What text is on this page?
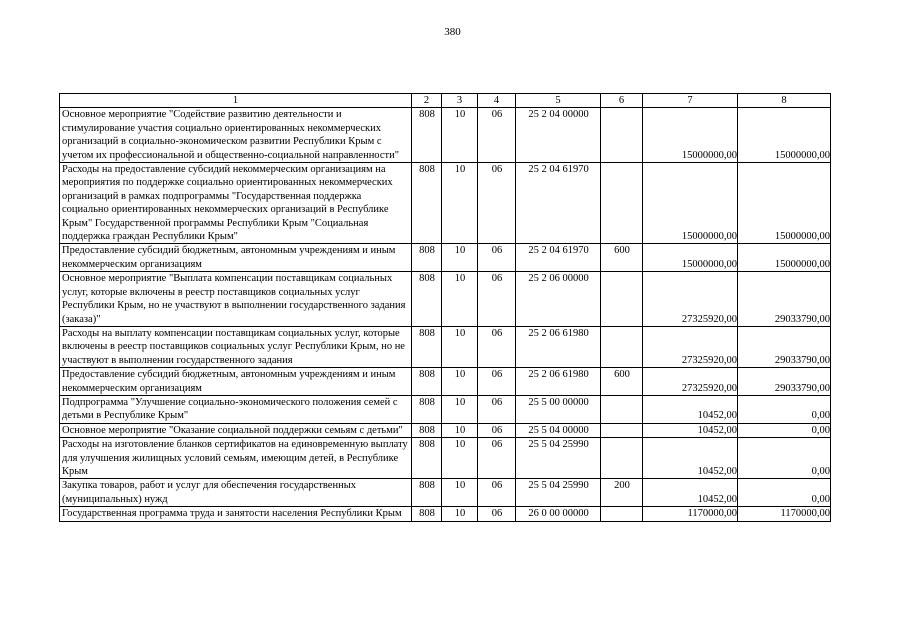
380
1	2	3	4	5	6	7	8
Основное мероприятие "Содействие развитию деятельности и стимулирование участия социально ориентированных некоммерческих организаций в социально-экономическом развитии Республики Крым с учетом их профессиональной и общественно-социальной направленности"	808	10	06	25 2 04 00000		15000000,00	15000000,00
Расходы на предоставление субсидий некоммерческим организациям на мероприятия по поддержке социально ориентированных некоммерческих организаций в рамках подпрограммы "Государственная поддержка социально ориентированных некоммерческих организаций в Республике Крым" Государственной программы Республики Крым "Социальная поддержка граждан Республики Крым"	808	10	06	25 2 04 61970		15000000,00	15000000,00
Предоставление субсидий бюджетным, автономным учреждениям и иным некоммерческим организациям	808	10	06	25 2 04 61970	600	15000000,00	15000000,00
Основное мероприятие "Выплата компенсации поставщикам социальных услуг, которые включены в реестр поставщиков социальных услуг Республики Крым, но не участвуют в выполнении государственного задания (заказа)"	808	10	06	25 2 06 00000		27325920,00	29033790,00
Расходы на выплату компенсации поставщикам социальных услуг, которые включены в реестр поставщиков социальных услуг Республики Крым, но не участвуют в выполнении государственного задания	808	10	06	25 2 06 61980		27325920,00	29033790,00
Предоставление субсидий бюджетным, автономным учреждениям и иным некоммерческим организациям	808	10	06	25 2 06 61980	600	27325920,00	29033790,00
Подпрограмма "Улучшение социально-экономического положения семей с детьми в Республике Крым"	808	10	06	25 5 00 00000		10452,00	0,00
Основное мероприятие "Оказание социальной поддержки семьям с детьми"	808	10	06	25 5 04 00000		10452,00	0,00
Расходы на изготовление бланков сертификатов на единовременную выплату для улучшения жилищных условий семьям, имеющим детей, в Республике Крым	808	10	06	25 5 04 25990		10452,00	0,00
Закупка товаров, работ и услуг для обеспечения государственных (муниципальных) нужд	808	10	06	25 5 04 25990	200	10452,00	0,00
Государственная программа труда и занятости населения Республики Крым	808	10	06	26 0 00 00000		1170000,00	1170000,00
